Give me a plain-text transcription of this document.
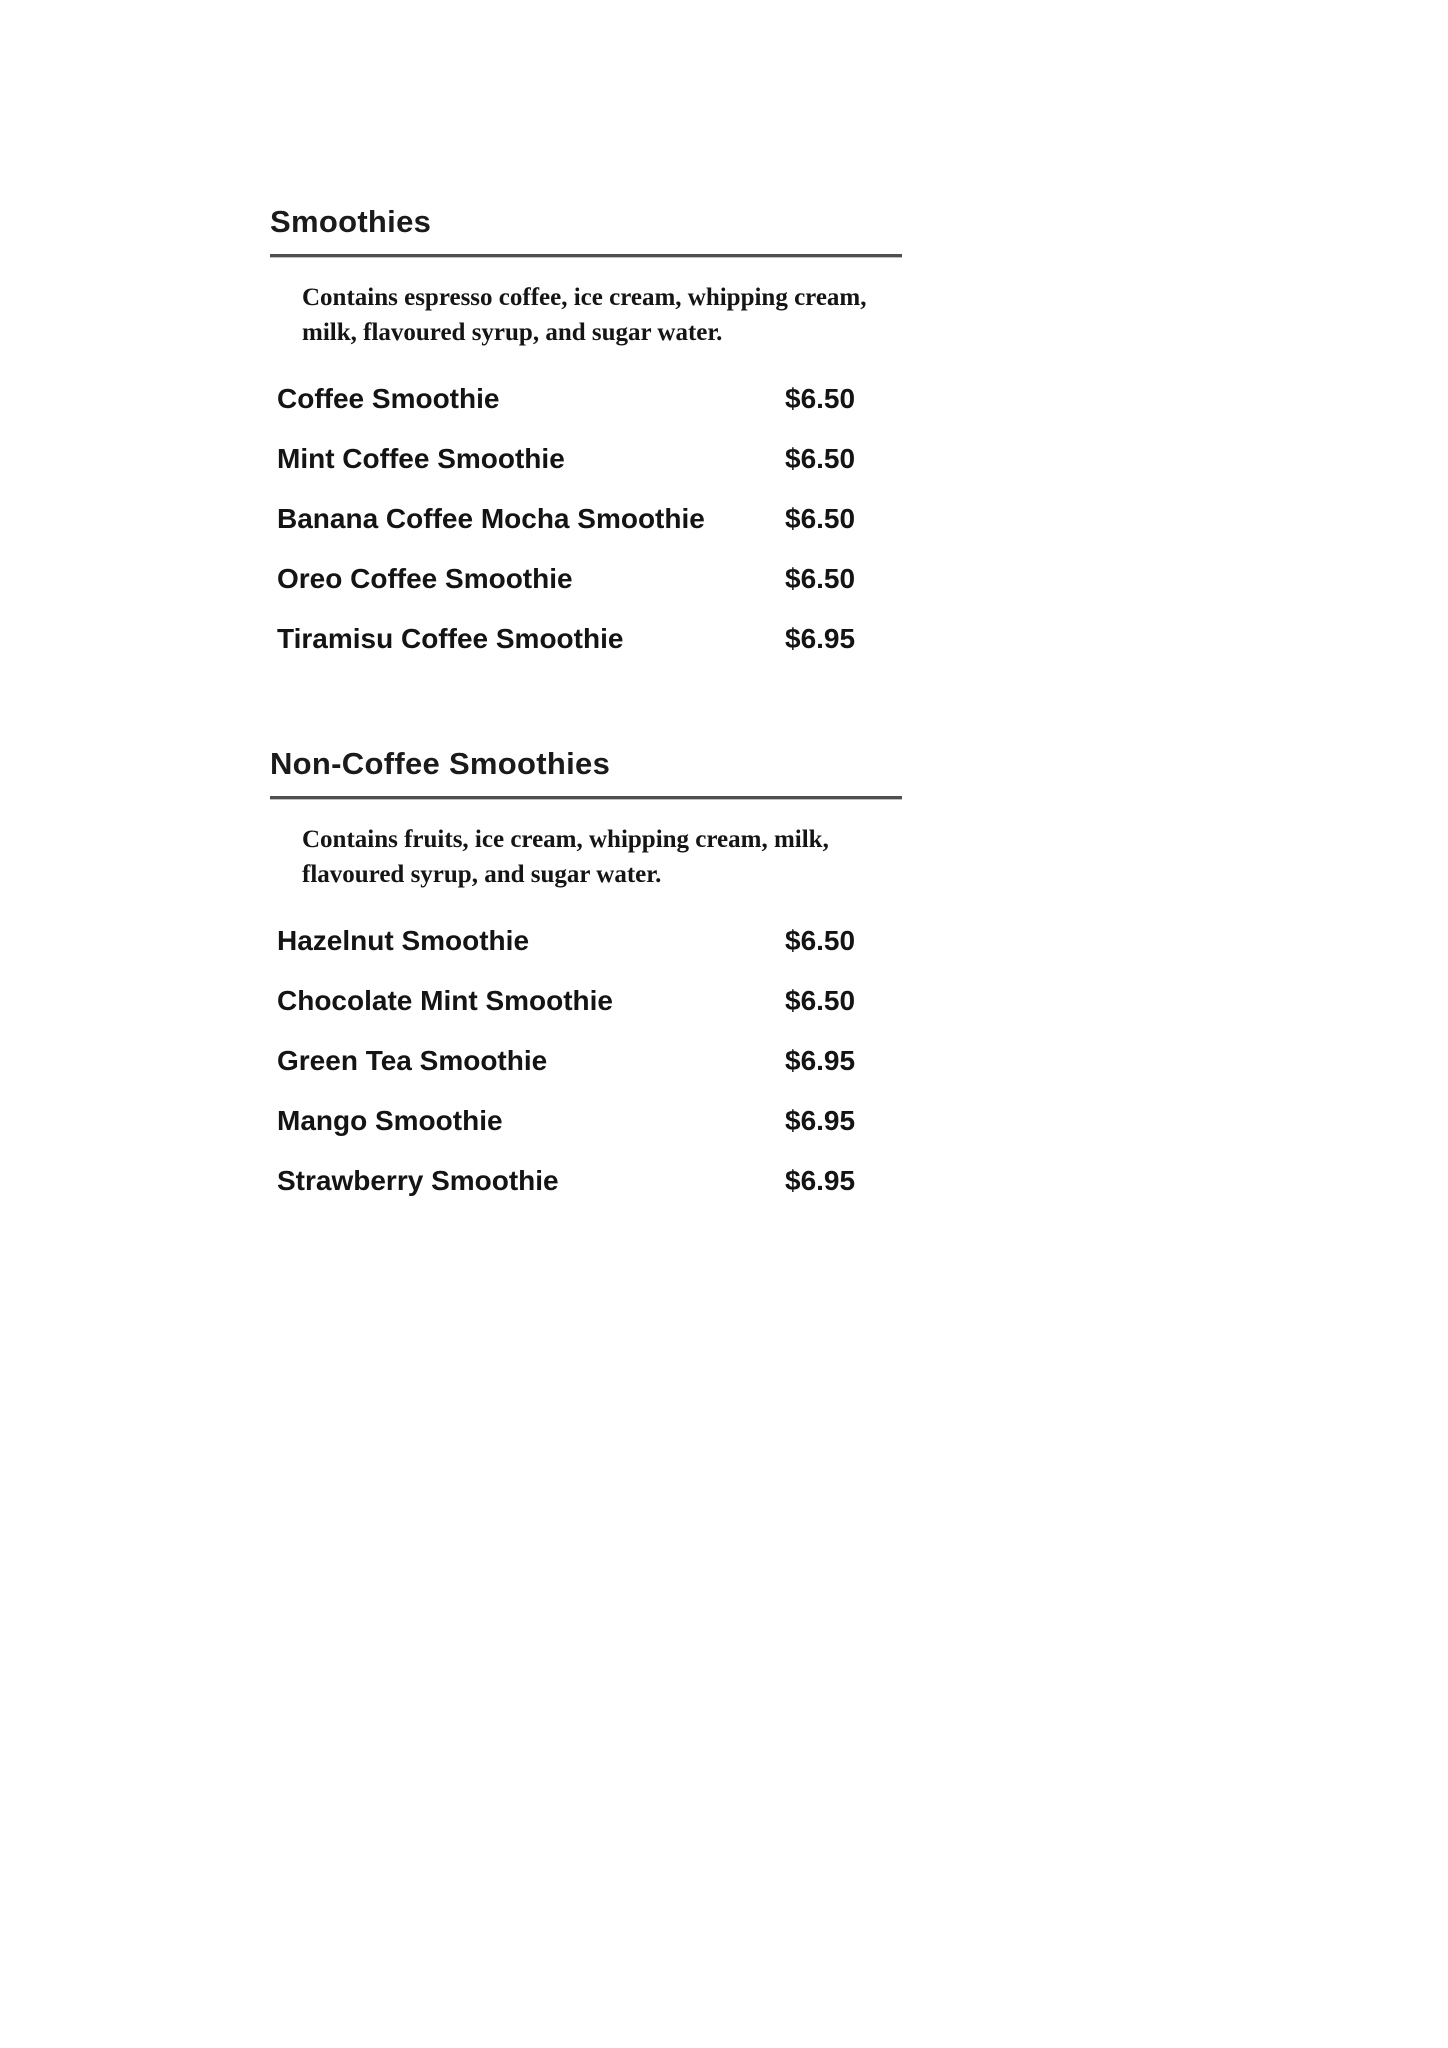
Smoothies

Contains espresso coffee, ice cream, whipping cream, milk, flavoured syrup, and sugar water.

Coffee Smoothie	$6.50
Mint Coffee Smoothie	$6.50
Banana Coffee Mocha Smoothie	$6.50
Oreo Coffee Smoothie	$6.50
Tiramisu Coffee Smoothie	$6.95
Non-Coffee Smoothies

Contains fruits, ice cream, whipping cream, milk, flavoured syrup, and sugar water.

Hazelnut Smoothie	$6.50
Chocolate Mint Smoothie	$6.50
Green Tea Smoothie	$6.95
Mango Smoothie	$6.95
Strawberry Smoothie	$6.95
